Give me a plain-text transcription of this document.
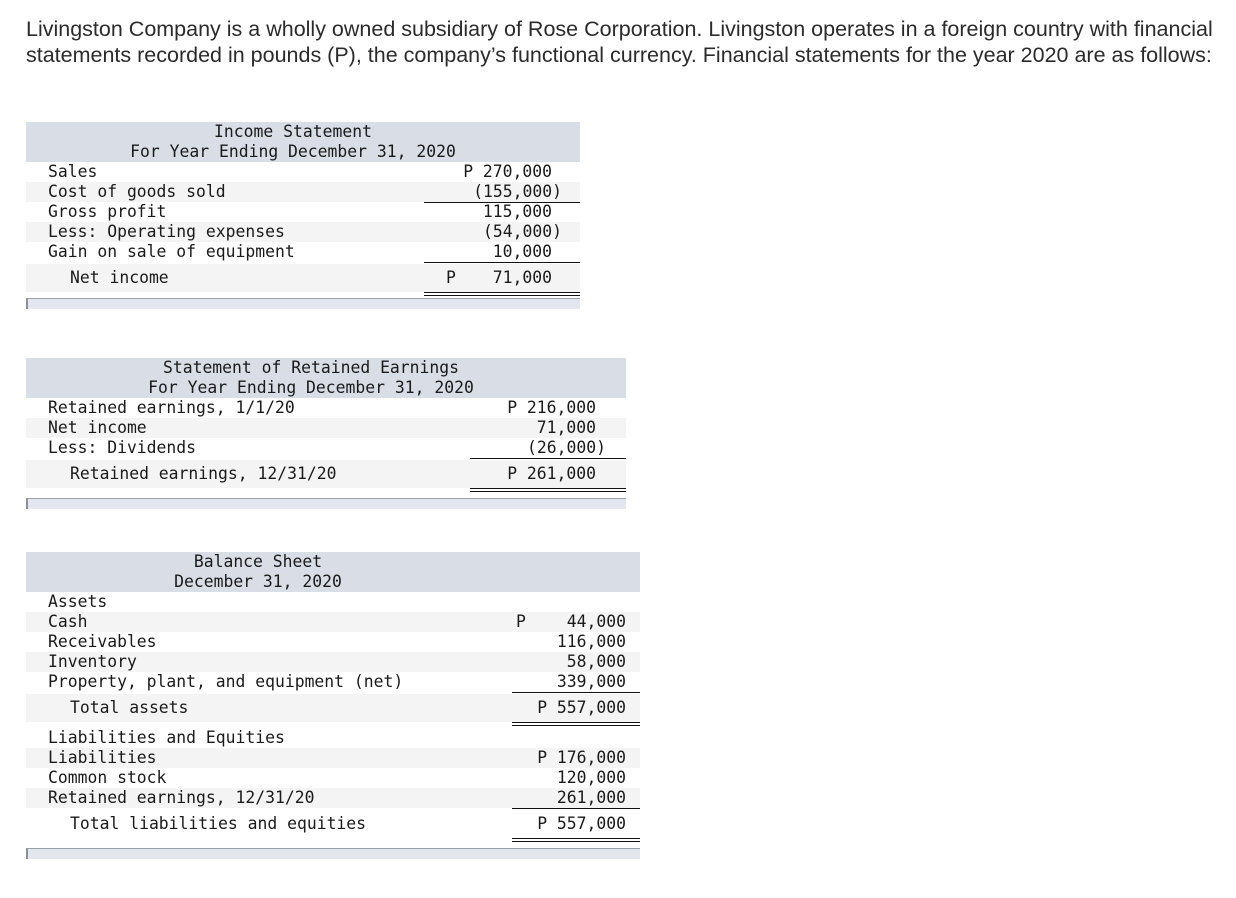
Livingston Company is a wholly owned subsidiary of Rose Corporation. Livingston operates in a foreign country with financial statements recorded in pounds (P), the company’s functional currency. Financial statements for the year 2020 are as follows:

Income Statement
For Year Ending December 31, 2020
Sales	P 270,000
Cost of goods sold	(155,000)
Gross profit	115,000
Less: Operating expenses	(54,000)
Gain on sale of equipment	10,000
Net income	P 71,000
Statement of Retained Earnings
For Year Ending December 31, 2020
Retained earnings, 1/1/20	P 216,000
Net income	71,000
Less: Dividends	(26,000)
Retained earnings, 12/31/20	P 261,000
Balance Sheet
December 31, 2020
Assets
Cash	P 44,000
Receivables	116,000
Inventory	58,000
Property, plant, and equipment (net)	339,000
Total assets	P 557,000
Liabilities and Equities
Liabilities	P 176,000
Common stock	120,000
Retained earnings, 12/31/20	261,000
Total liabilities and equities	P 557,000
